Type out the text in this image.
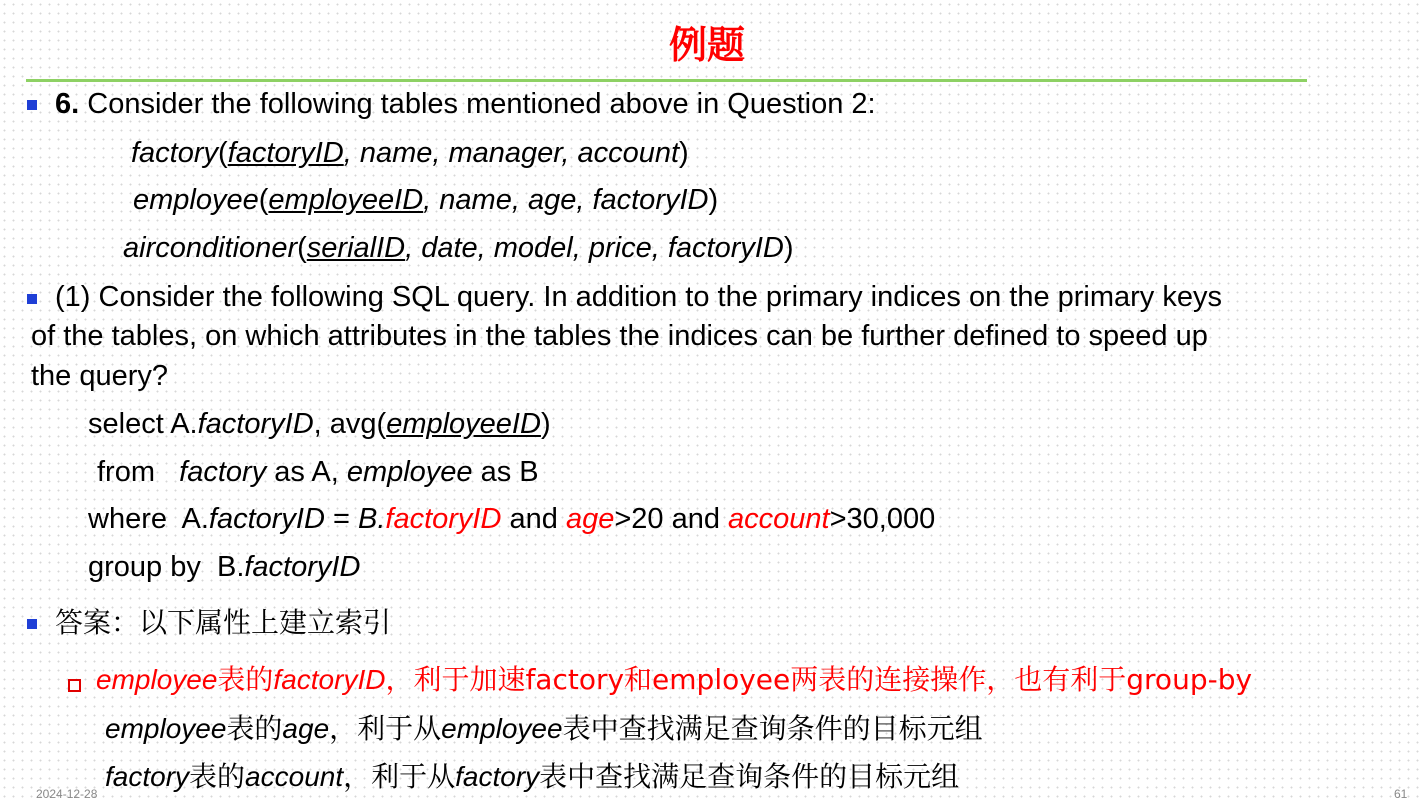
例题
6. Consider the following tables mentioned above in Question 2:
factory(factoryID, name, manager, account)
employee(employeeID, name, age, factoryID)
airconditioner(serialID, date, model, price, factoryID)
(1) Consider the following SQL query. In addition to the primary indices on the primary keys
of the tables, on which attributes in the tables the indices can be further defined to speed up
the query?
select A.factoryID, avg(employeeID)
from   factory as A, employee as B
where  A.factoryID = B.factoryID and age>20 and account>30,000
group by  B.factoryID
答案：以下属性上建立索引
employee表的factoryID，利于加速factory和employee两表的连接操作，也有利于group-by
employee表的age，利于从employee表中查找满足查询条件的目标元组
factory表的account，利于从factory表中查找满足查询条件的目标元组
2024-12-28	61
